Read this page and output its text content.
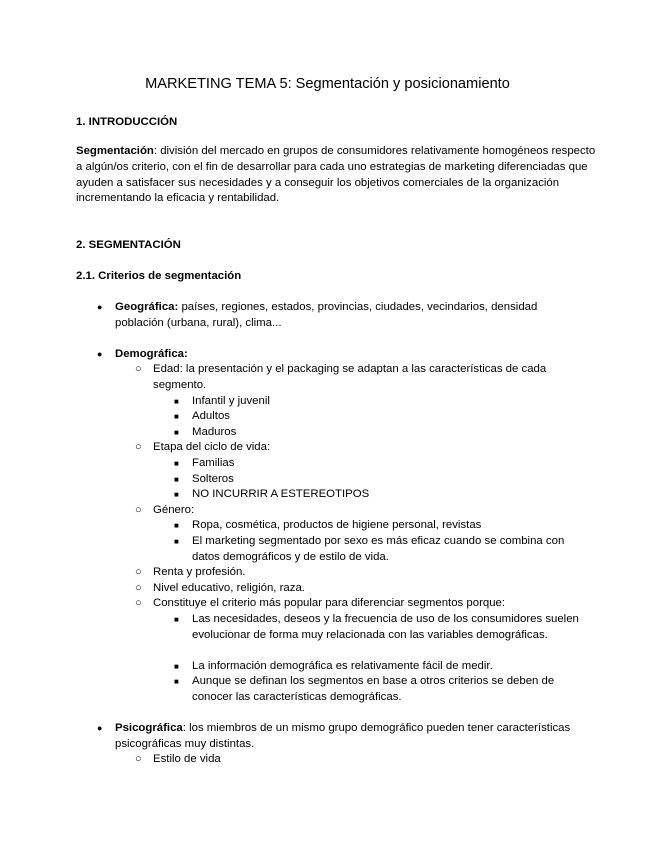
MARKETING TEMA 5: Segmentación y posicionamiento
1. INTRODUCCIÓN
Segmentación: división del mercado en grupos de consumidores relativamente homogéneos respecto a algún/os criterio, con el fin de desarrollar para cada uno estrategias de marketing diferenciadas que ayuden a satisfacer sus necesidades y a conseguir los objetivos comerciales de la organización incrementando la eficacia y rentabilidad.
2. SEGMENTACIÓN
2.1. Criterios de segmentación
● Geográfica: países, regiones, estados, provincias, ciudades, vecindarios, densidad población (urbana, rural), clima...
● Demográfica:
○ Edad: la presentación y el packaging se adaptan a las características de cada segmento.
■ Infantil y juvenil
■ Adultos
■ Maduros
○ Etapa del ciclo de vida:
■ Familias
■ Solteros
■ NO INCURRIR A ESTEREOTIPOS
○ Género:
■ Ropa, cosmética, productos de higiene personal, revistas
■ El marketing segmentado por sexo es más eficaz cuando se combina con datos demográficos y de estilo de vida.
○ Renta y profesión.
○ Nivel educativo, religión, raza.
○ Constituye el criterio más popular para diferenciar segmentos porque:
■ Las necesidades, deseos y la frecuencia de uso de los consumidores suelen evolucionar de forma muy relacionada con las variables demográficas.
■ La información demográfica es relativamente fácil de medir.
■ Aunque se definan los segmentos en base a otros criterios se deben de conocer las características demográficas.
● Psicográfica: los miembros de un mismo grupo demográfico pueden tener características psicográficas muy distintas.
○ Estilo de vida
